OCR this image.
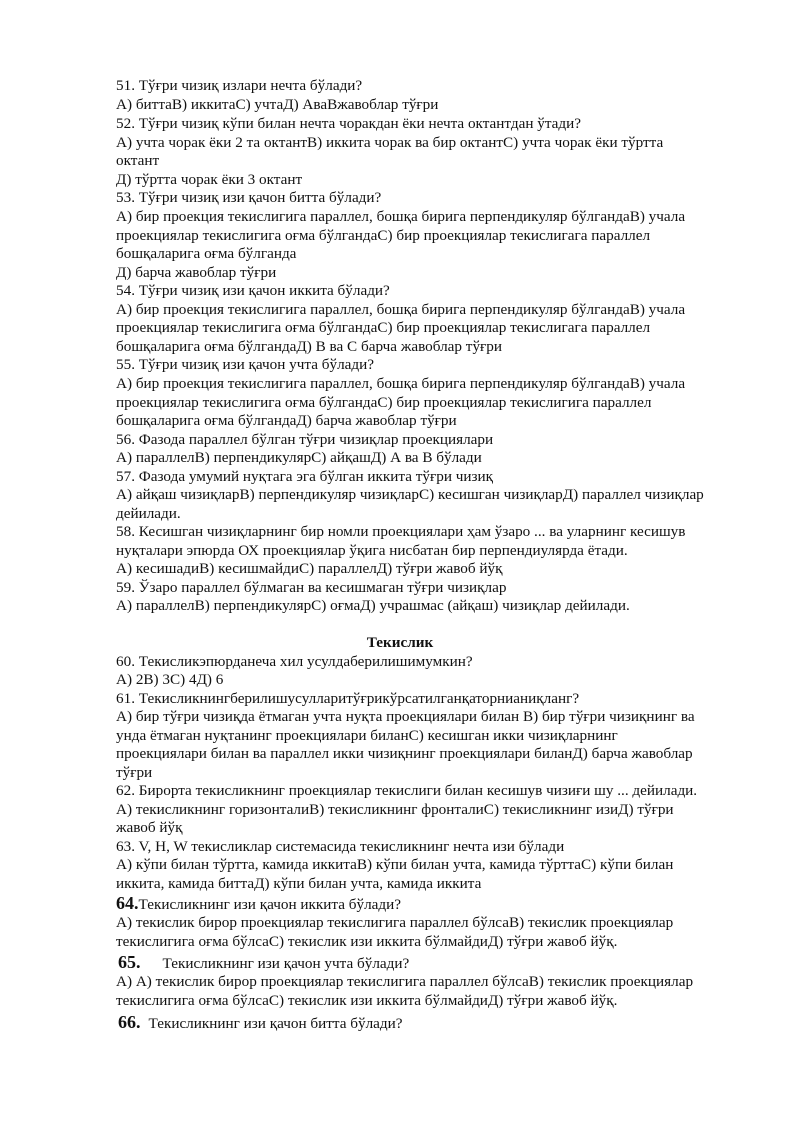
51. Тўғри чизиқ излари нечта бўлади?
А) биттаВ) иккитаС) учтаД) АваВжавоблар тўғри
52. Тўғри чизиқ кўпи билан нечта чоракдан ёки нечта октантдан ўтади?
А) учта чорак ёки 2 та октантВ) иккита чорак ва бир октантС) учта чорак ёки тўртта
октант
Д) тўртта чорак ёки 3 октант
53. Тўғри чизиқ изи қачон битта бўлади?
А) бир проекция текислигига параллел, бошқа бирига перпендикуляр бўлгандаВ) учала
проекциялар текислигига оғма бўлгандаС) бир проекциялар текислигага параллел
бошқаларига оғма бўлганда
Д) барча жавоблар тўғри
54. Тўғри чизиқ изи қачон иккита бўлади?
А) бир проекция текислигига параллел, бошқа бирига перпендикуляр бўлгандаВ) учала
проекциялар текислигига оғма бўлгандаС) бир проекциялар текислигага параллел
бошқаларига оғма бўлгандаД) В ва С барча жавоблар тўғри
55. Тўғри чизиқ изи қачон учта бўлади?
А) бир проекция текислигига параллел, бошқа бирига перпендикуляр бўлгандаВ) учала
проекциялар текислигига оғма бўлгандаС) бир проекциялар текислигига параллел
бошқаларига оғма бўлгандаД) барча жавоблар тўғри
56. Фазода параллел бўлган тўғри чизиқлар проекциялари
А) параллелВ) перпендикулярС) айқашД) А ва В бўлади
57. Фазода умумий нуқтага эга бўлган иккита тўғри чизиқ
А) айқаш чизиқларВ) перпендикуляр чизиқларС) кесишган чизиқларД) параллел чизиқлар
дейилади.
58. Кесишган чизиқларнинг бир номли проекциялари ҳам ўзаро ... ва уларнинг кесишув
нуқталари эпюрда ОХ проекциялар ўқига нисбатан бир перпендиулярда ётади.
А) кесишадиВ) кесишмайдиС) параллелД) тўғри жавоб йўқ
59. Ўзаро параллел бўлмаган ва кесишмаган тўғри чизиқлар
А) параллелВ) перпендикулярС) оғмаД) учрашмас (айқаш) чизиқлар дейилади.
Текислик
60. Текисликэпюрданеча хил усулдаберилишимумкин?
А) 2В) 3С) 4Д) 6
61. Текисликнингберилишусулларитўғрикўрсатилганқаторнианиқланг?
А) бир тўғри чизиқда ётмаган учта нуқта проекциялари билан В) бир тўғри чизиқнинг ва
унда ётмаган нуқтанинг проекциялари биланС) кесишган икки чизиқларнинг
проекциялари билан ва параллел икки чизиқнинг проекциялари биланД) барча жавоблар
тўғри
62. Бирорта текисликнинг проекциялар текислиги билан кесишув чизиғи шу ... дейилади.
А) текисликнинг горизонталиВ) текисликнинг фронталиС) текисликнинг изиД) тўғри
жавоб йўқ
63. V, H, W текисликлар системасида текисликнинг нечта изи бўлади
А) кўпи билан тўртта, камида иккитаВ) кўпи билан учта, камида тўрттаС) кўпи билан
иккита, камида биттаД) кўпи билан учта, камида иккита
64.Текисликнинг изи қачон иккита бўлади?
А) текислик бирор проекциялар текислигига параллел бўлсаВ) текислик проекциялар
текислигига оғма бўлсаС) текислик изи иккита бўлмайдиД) тўғри жавоб йўқ.
65. Текисликнинг изи қачон учта бўлади?
А) А) текислик бирор проекциялар текислигига параллел бўлсаВ) текислик проекциялар
текислигига оғма бўлсаС) текислик изи иккита бўлмайдиД) тўғри жавоб йўқ.
66. Текисликнинг изи қачон битта бўлади?
